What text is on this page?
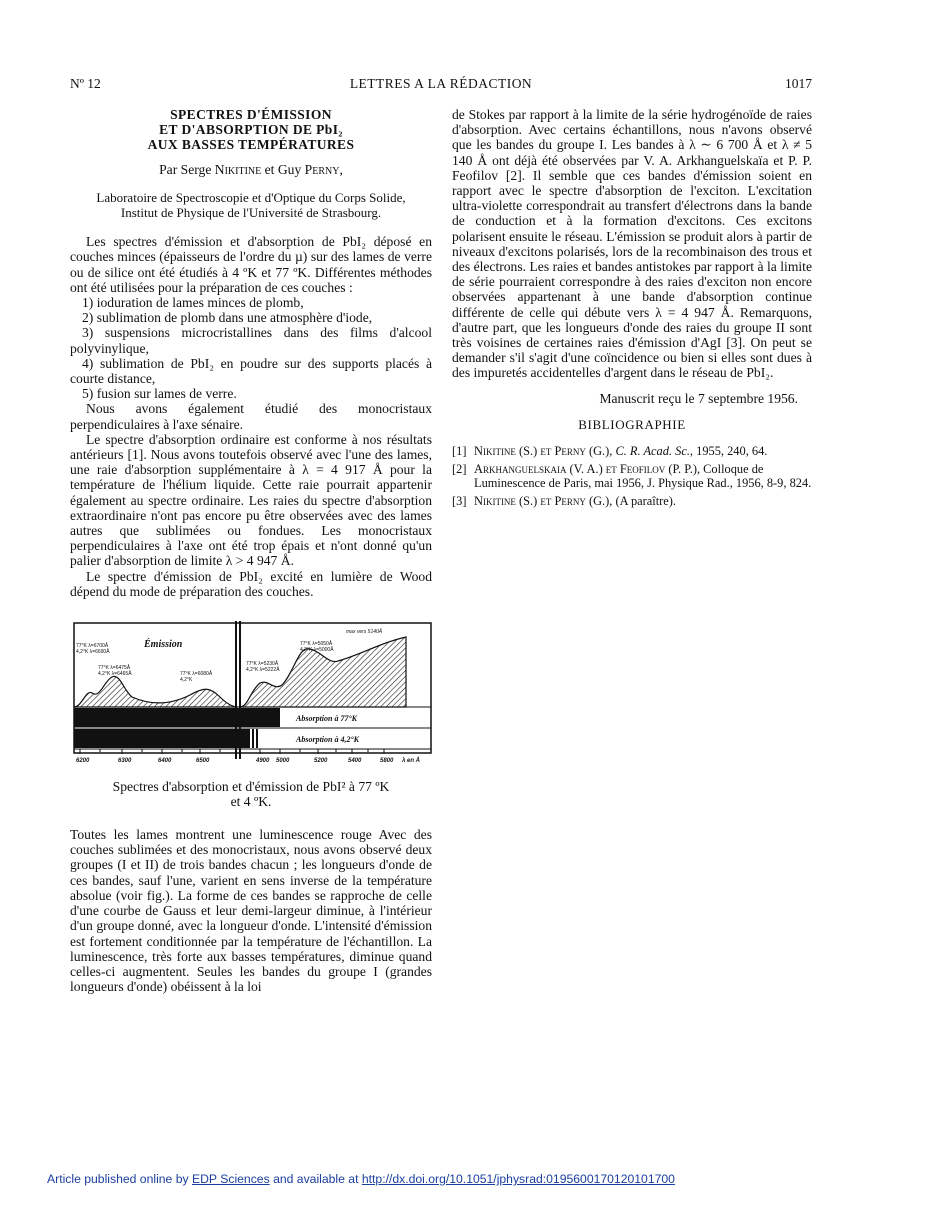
Nº 12	LETTRES A LA RÉDACTION	1017

SPECTRES D'ÉMISSION

ET D'ABSORPTION DE PbI₂

AUX BASSES TEMPÉRATURES

Par Serge Nikitine et Guy Perny,

Laboratoire de Spectroscopie et d'Optique du Corps Solide,
Institut de Physique de l'Université de Strasbourg.

Les spectres d'émission et d'absorption de PbI₂ déposé en couches minces (épaisseurs de l'ordre du µ) sur des lames de verre ou de silice ont été étudiés à 4 ºK et 77 ºK. Différentes méthodes ont été utilisées pour la préparation de ces couches :

1) ioduration de lames minces de plomb,

2) sublimation de plomb dans une atmosphère d'iode,

3) suspensions microcristallines dans des films d'alcool polyvinylique,

4) sublimation de PbI₂ en poudre sur des supports placés à courte distance,

5) fusion sur lames de verre.

Nous avons également étudié des monocristaux perpendiculaires à l'axe sénaire.

Le spectre d'absorption ordinaire est conforme à nos résultats antérieurs [1]. Nous avons toutefois observé avec l'une des lames, une raie d'absorption supplémentaire à λ = 4 917 Å pour la température de l'hélium liquide. Cette raie pourrait appartenir également au spectre ordinaire. Les raies du spectre d'absorption extraordinaire n'ont pas encore pu être observées avec des lames autres que sublimées ou fondues. Les monocristaux perpendiculaires à l'axe ont été trop épais et n'ont donné qu'un palier d'absorption de limite λ > 4 947 Å.

Le spectre d'émission de PbI₂ excité en lumière de Wood dépend du mode de préparation des couches.

Émission
Absorption à 77°K
Absorption à 4,2°K
77°K λ=6700Å
4,2°K λ=6690Å
77°K λ=6475Å
4,2°K λ=6465Å	77°K λ=6080Å
4,2°K
77°K λ=5230Å
4,2°K λ=5222Å
77°K λ=5050Å
4,2°K λ=5000Å
max vers 5140Å
6200	6300	6400	6500	4900 5000	5200	5400	5800 λ en Å

Spectres d'absorption et d'émission de PbI² à 77 ºK
et 4 ºK.

Toutes les lames montrent une luminescence rouge Avec des couches sublimées et des monocristaux, nous avons observé deux groupes (I et II) de trois bandes chacun ; les longueurs d'onde de ces bandes, sauf l'une, varient en sens inverse de la température absolue (voir fig.). La forme de ces bandes se rapproche de celle d'une courbe de Gauss et leur demi-largeur diminue, à l'intérieur d'un groupe donné, avec la longueur d'onde. L'intensité d'émission est fortement conditionnée par la température de l'échantillon. La luminescence, très forte aux basses températures, diminue quand celles-ci augmentent. Seules les bandes du groupe I (grandes longueurs d'onde) obéissent à la loi

de Stokes par rapport à la limite de la série hydrogénoïde de raies d'absorption. Avec certains échantillons, nous n'avons observé que les bandes du groupe I. Les bandes à λ ∼ 6 700 Å et λ ≠ 5 140 Å ont déjà été observées par V. A. Arkhanguelskaïa et P. P. Feofilov [2]. Il semble que ces bandes d'émission soient en rapport avec le spectre d'absorption de l'exciton. L'excitation ultra-violette correspondrait au transfert d'électrons dans la bande de conduction et à la formation d'excitons. Ces excitons polarisent ensuite le réseau. L'émission se produit alors à partir de niveaux d'excitons polarisés, lors de la recombinaison des trous et des électrons. Les raies et bandes antistokes par rapport à la limite de série pourraient correspondre à des raies d'exciton non encore observées appartenant à une bande d'absorption continue différente de celle qui débute vers λ = 4 947 Å. Remarquons, d'autre part, que les longueurs d'onde des raies du groupe II sont très voisines de certaines raies d'émission d'AgI [3]. On peut se demander s'il s'agit d'une coïncidence ou bien si elles sont dues à des impuretés accidentelles d'argent dans le réseau de PbI₂.

Manuscrit reçu le 7 septembre 1956.

BIBLIOGRAPHIE

[1] Nikitine (S.) et Perny (G.), C. R. Acad. Sc., 1955, 240, 64.
[2] Arkhanguelskaia (V. A.) et Feofilov (P. P.), Colloque de Luminescence de Paris, mai 1956, J. Physique Rad., 1956, 8-9, 824.
[3] Nikitine (S.) et Perny (G.), (A paraître).
Article published online by EDP Sciences and available at http://dx.doi.org/10.1051/jphysrad:0195600170120101700
